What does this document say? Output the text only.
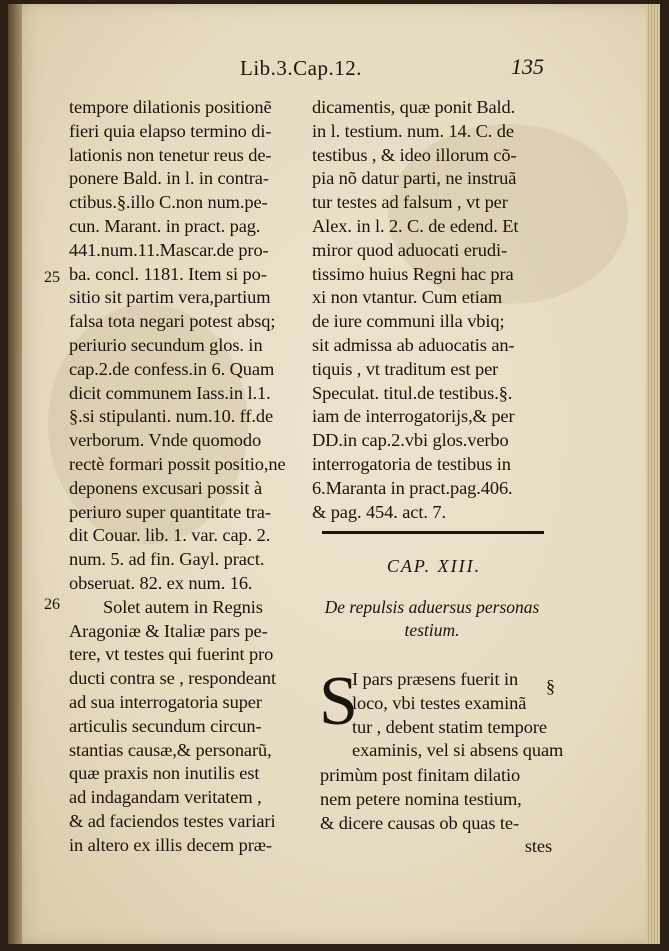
Lib.3.Cap.12.	135
tempore dilationis positionẽ
fieri quia elapso termino di-
lationis non tenetur reus de-
ponere Bald. in l. in contra-
ctibus.§.illo C.non num.pe-
cun. Marant. in pract. pag.
441.num.11.Mascar.de pro-
ba. concl. 1181. Item si po-
sitio sit partim vera,partium
falsa tota negari potest absq;
periurio secundum glos. in
cap.2.de confess.in 6. Quam
dicit communem Iass.in l.1.
§.si stipulanti. num.10. ff.de
verborum. Vnde quomodo
rectè formari possit positio,ne
deponens excusari possit à
periuro super quantitate tra-
dit Couar. lib. 1. var. cap. 2.
num. 5. ad fin. Gayl. pract.
obseruat. 82. ex num. 16.
Solet autem in Regnis
Aragoniæ & Italiæ pars pe-
tere, vt testes qui fuerint pro
ducti contra se , respondeant
ad sua interrogatoria super
articulis secundum circun-
stantias causæ,& personarũ,
quæ praxis non inutilis est
ad indagandam veritatem ,
& ad faciendos testes variari
in altero ex illis decem præ-
25
26
dicamentis, quæ ponit Bald.
in l. testium. num. 14. C. de
testibus , & ideo illorum cõ-
pia nõ datur parti, ne instruã
tur testes ad falsum , vt per
Alex. in l. 2. C. de edend. Et
miror quod aduocati erudi-
tissimo huius Regni hac pra
xi non vtantur. Cum etiam
de iure communi illa vbiq;
sit admissa ab aduocatis an-
tiquis , vt traditum est per
Speculat. titul.de testibus.§.
iam de interrogatorijs,& per
DD.in cap.2.vbi glos.verbo
interrogatoria de testibus in
6.Maranta in pract.pag.406.
& pag. 454. act. 7.
CAP. XIII.
De repulsis aduersus personas
testium.
S
I pars præsens fuerit in
loco, vbi testes examinã
tur , debent statim tempore
examinis, vel si absens quam
primùm post finitam dilatio
nem petere nomina testium,
& dicere causas ob quas te-
stes
§
